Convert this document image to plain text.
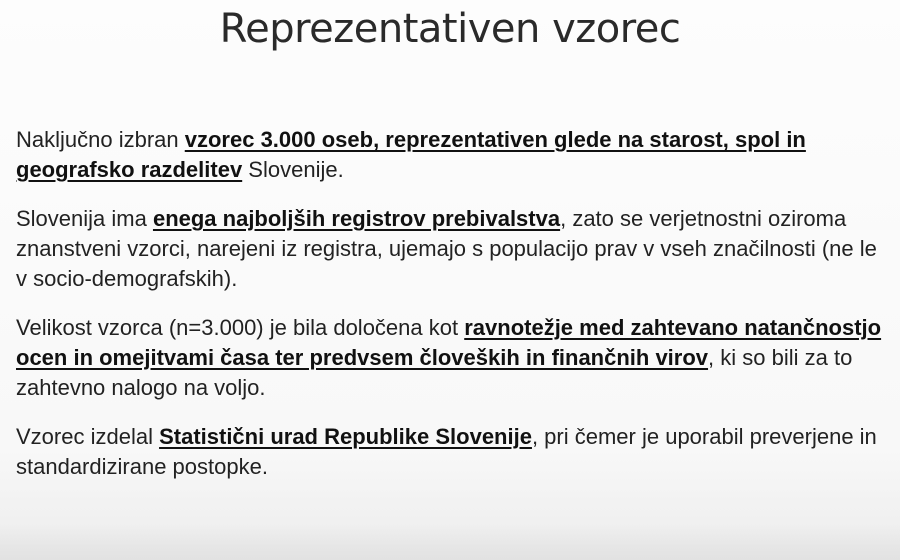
Reprezentativen vzorec

Naključno izbran vzorec 3.000 oseb, reprezentativen glede na starost, spol in geografsko razdelitev Slovenije.

Slovenija ima enega najboljših registrov prebivalstva, zato se verjetnostni oziroma znanstveni vzorci, narejeni iz registra, ujemajo s populacijo prav v vseh značilnosti (ne le v socio-demografskih).

Velikost vzorca (n=3.000) je bila določena kot ravnotežje med zahtevano natančnostjo ocen in omejitvami časa ter predvsem človeških in finančnih virov, ki so bili za to zahtevno nalogo na voljo.

Vzorec izdelal Statistični urad Republike Slovenije, pri čemer je uporabil preverjene in standardizirane postopke.
